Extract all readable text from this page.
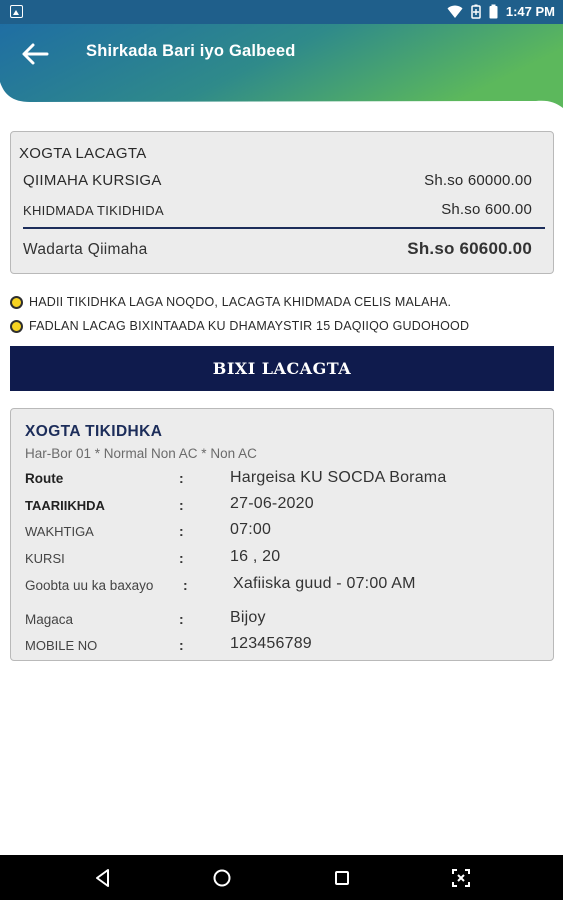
1:47 PM
Shirkada Bari iyo Galbeed
XOGTA LACAGTA
QIIMAHA KURSIGA	Sh.so 60000.00
KHIDMADA TIKIDHIDA	Sh.so 600.00
Wadarta Qiimaha	Sh.so 60600.00
HADII TIKIDHKA LAGA NOQDO, LACAGTA KHIDMADA CELIS MALAHA.
FADLAN LACAG BIXINTAADA KU DHAMAYSTIR 15 DAQIIQO GUDOHOOD
BIXI LACAGTA
XOGTA TIKIDHKA
Har-Bor 01 * Normal Non AC * Non AC
Route	:	Hargeisa KU SOCDA Borama
TAARIIKHDA	:	27-06-2020
WAKHTIGA	:	07:00
KURSI	:	16 , 20
Goobta uu ka baxayo :	Xafiiska guud - 07:00 AM
Magaca	:	Bijoy
MOBILE NO	:	123456789
